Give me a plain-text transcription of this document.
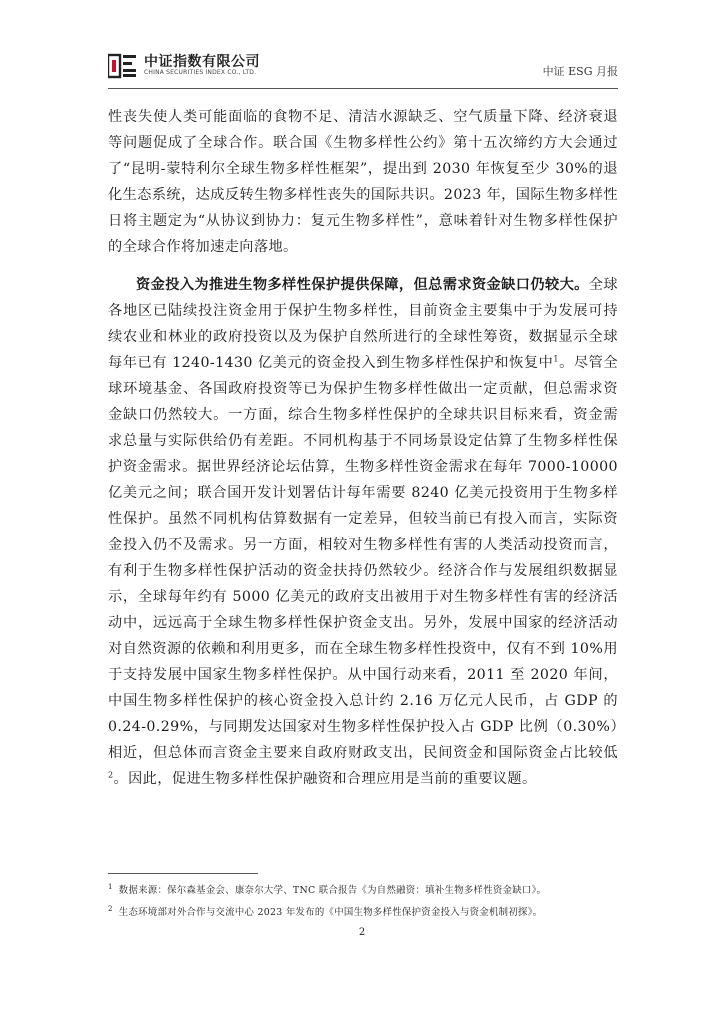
中证指数有限公司
CHINA SECURITIES INDEX CO., LTD.	中证 ESG 月报

性丧失使人类可能面临的食物不足、清洁水源缺乏、空气质量下降、经济衰退等问题促成了全球合作。联合国《生物多样性公约》第十五次缔约方大会通过了“昆明-蒙特利尔全球生物多样性框架”，提出到 2030 年恢复至少 30%的退化生态系统，达成反转生物多样性丧失的国际共识。2023 年，国际生物多样性日将主题定为“从协议到协力：复元生物多样性”，意味着针对生物多样性保护的全球合作将加速走向落地。

资金投入为推进生物多样性保护提供保障，但总需求资金缺口仍较大。全球各地区已陆续投注资金用于保护生物多样性，目前资金主要集中于为发展可持续农业和林业的政府投资以及为保护自然所进行的全球性筹资，数据显示全球每年已有 1240-1430 亿美元的资金投入到生物多样性保护和恢复中$^1$。尽管全球环境基金、各国政府投资等已为保护生物多样性做出一定贡献，但总需求资金缺口仍然较大。一方面，综合生物多样性保护的全球共识目标来看，资金需求总量与实际供给仍有差距。不同机构基于不同场景设定估算了生物多样性保护资金需求。据世界经济论坛估算，生物多样性资金需求在每年 7000-10000 亿美元之间；联合国开发计划署估计每年需要 8240 亿美元投资用于生物多样性保护。虽然不同机构估算数据有一定差异，但较当前已有投入而言，实际资金投入仍不及需求。另一方面，相较对生物多样性有害的人类活动投资而言，有利于生物多样性保护活动的资金扶持仍然较少。经济合作与发展组织数据显示，全球每年约有 5000 亿美元的政府支出被用于对生物多样性有害的经济活动中，远远高于全球生物多样性保护资金支出。另外，发展中国家的经济活动对自然资源的依赖和利用更多，而在全球生物多样性投资中，仅有不到 10%用于支持发展中国家生物多样性保护。从中国行动来看，2011 至 2020 年间，中国生物多样性保护的核心资金投入总计约 2.16 万亿元人民币，占 GDP 的 0.24-0.29%，与同期发达国家对生物多样性保护投入占 GDP 比例（0.30%）相近，但总体而言资金主要来自政府财政支出，民间资金和国际资金占比较低$^2$。因此，促进生物多样性保护融资和合理应用是当前的重要议题。

$^1$ 数据来源：保尔森基金会、康奈尔大学、TNC 联合报告《为自然融资：填补生物多样性资金缺口》。
$^2$ 生态环境部对外合作与交流中心 2023 年发布的《中国生物多样性保护资金投入与资金机制初探》。
2
